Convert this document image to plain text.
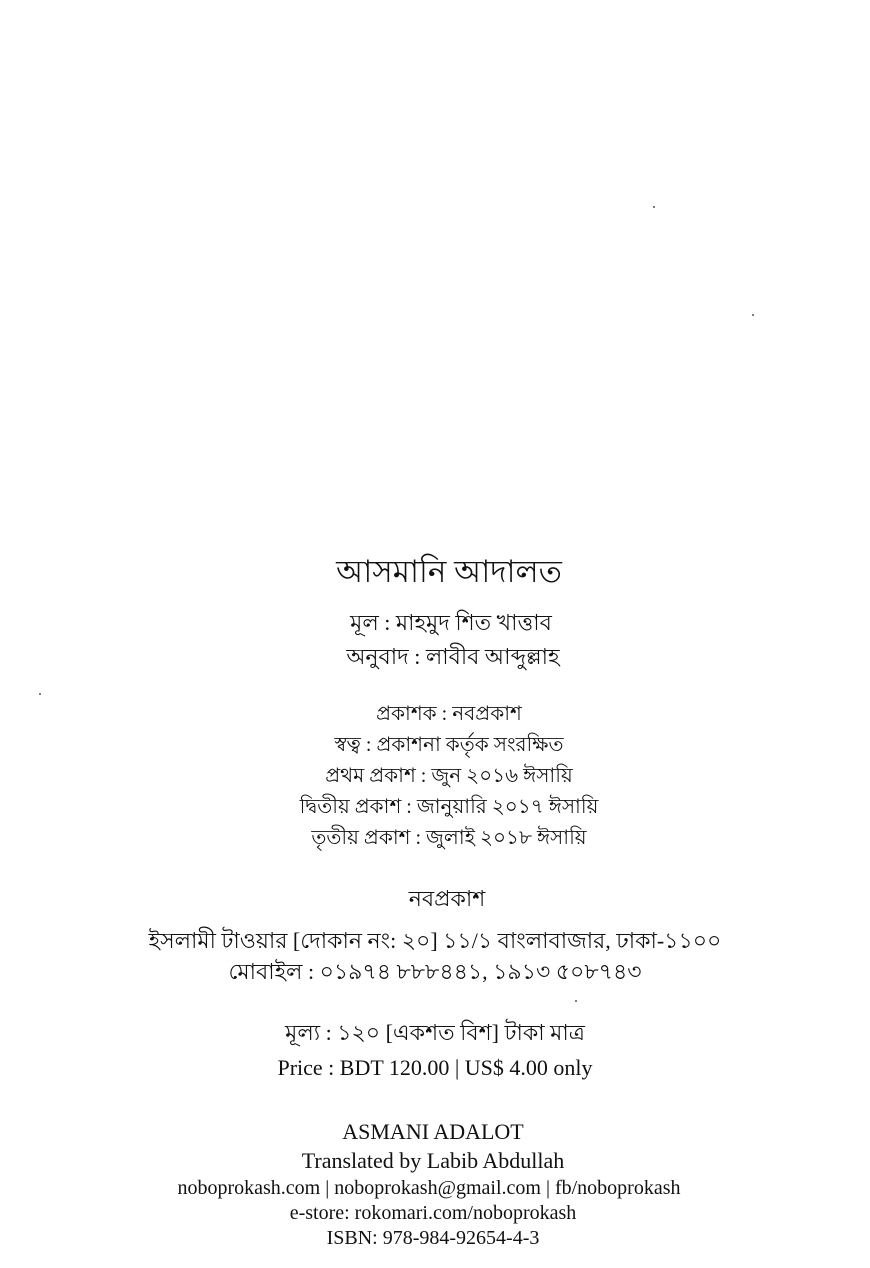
আসমানি আদালত
মূল : মাহমুদ শিত খাত্তাব
অনুবাদ : লাবীব আব্দুল্লাহ
প্রকাশক : নবপ্রকাশ
স্বত্ব : প্রকাশনা কর্তৃক সংরক্ষিত
প্রথম প্রকাশ : জুন ২০১৬ ঈসায়ি
দ্বিতীয় প্রকাশ : জানুয়ারি ২০১৭ ঈসায়ি
তৃতীয় প্রকাশ : জুলাই ২০১৮ ঈসায়ি
নবপ্রকাশ
ইসলামী টাওয়ার [দোকান নং: ২০] ১১/১ বাংলাবাজার, ঢাকা-১১০০
মোবাইল : ০১৯৭৪ ৮৮৮৪৪১, ১৯১৩ ৫০৮৭৪৩
মূল্য : ১২০ [একশত বিশ] টাকা মাত্র
Price : BDT 120.00 | US$ 4.00 only
ASMANI ADALOT
Translated by Labib Abdullah
noboprokash.com | noboprokash@gmail.com | fb/noboprokash
e-store: rokomari.com/noboprokash
ISBN: 978-984-92654-4-3
